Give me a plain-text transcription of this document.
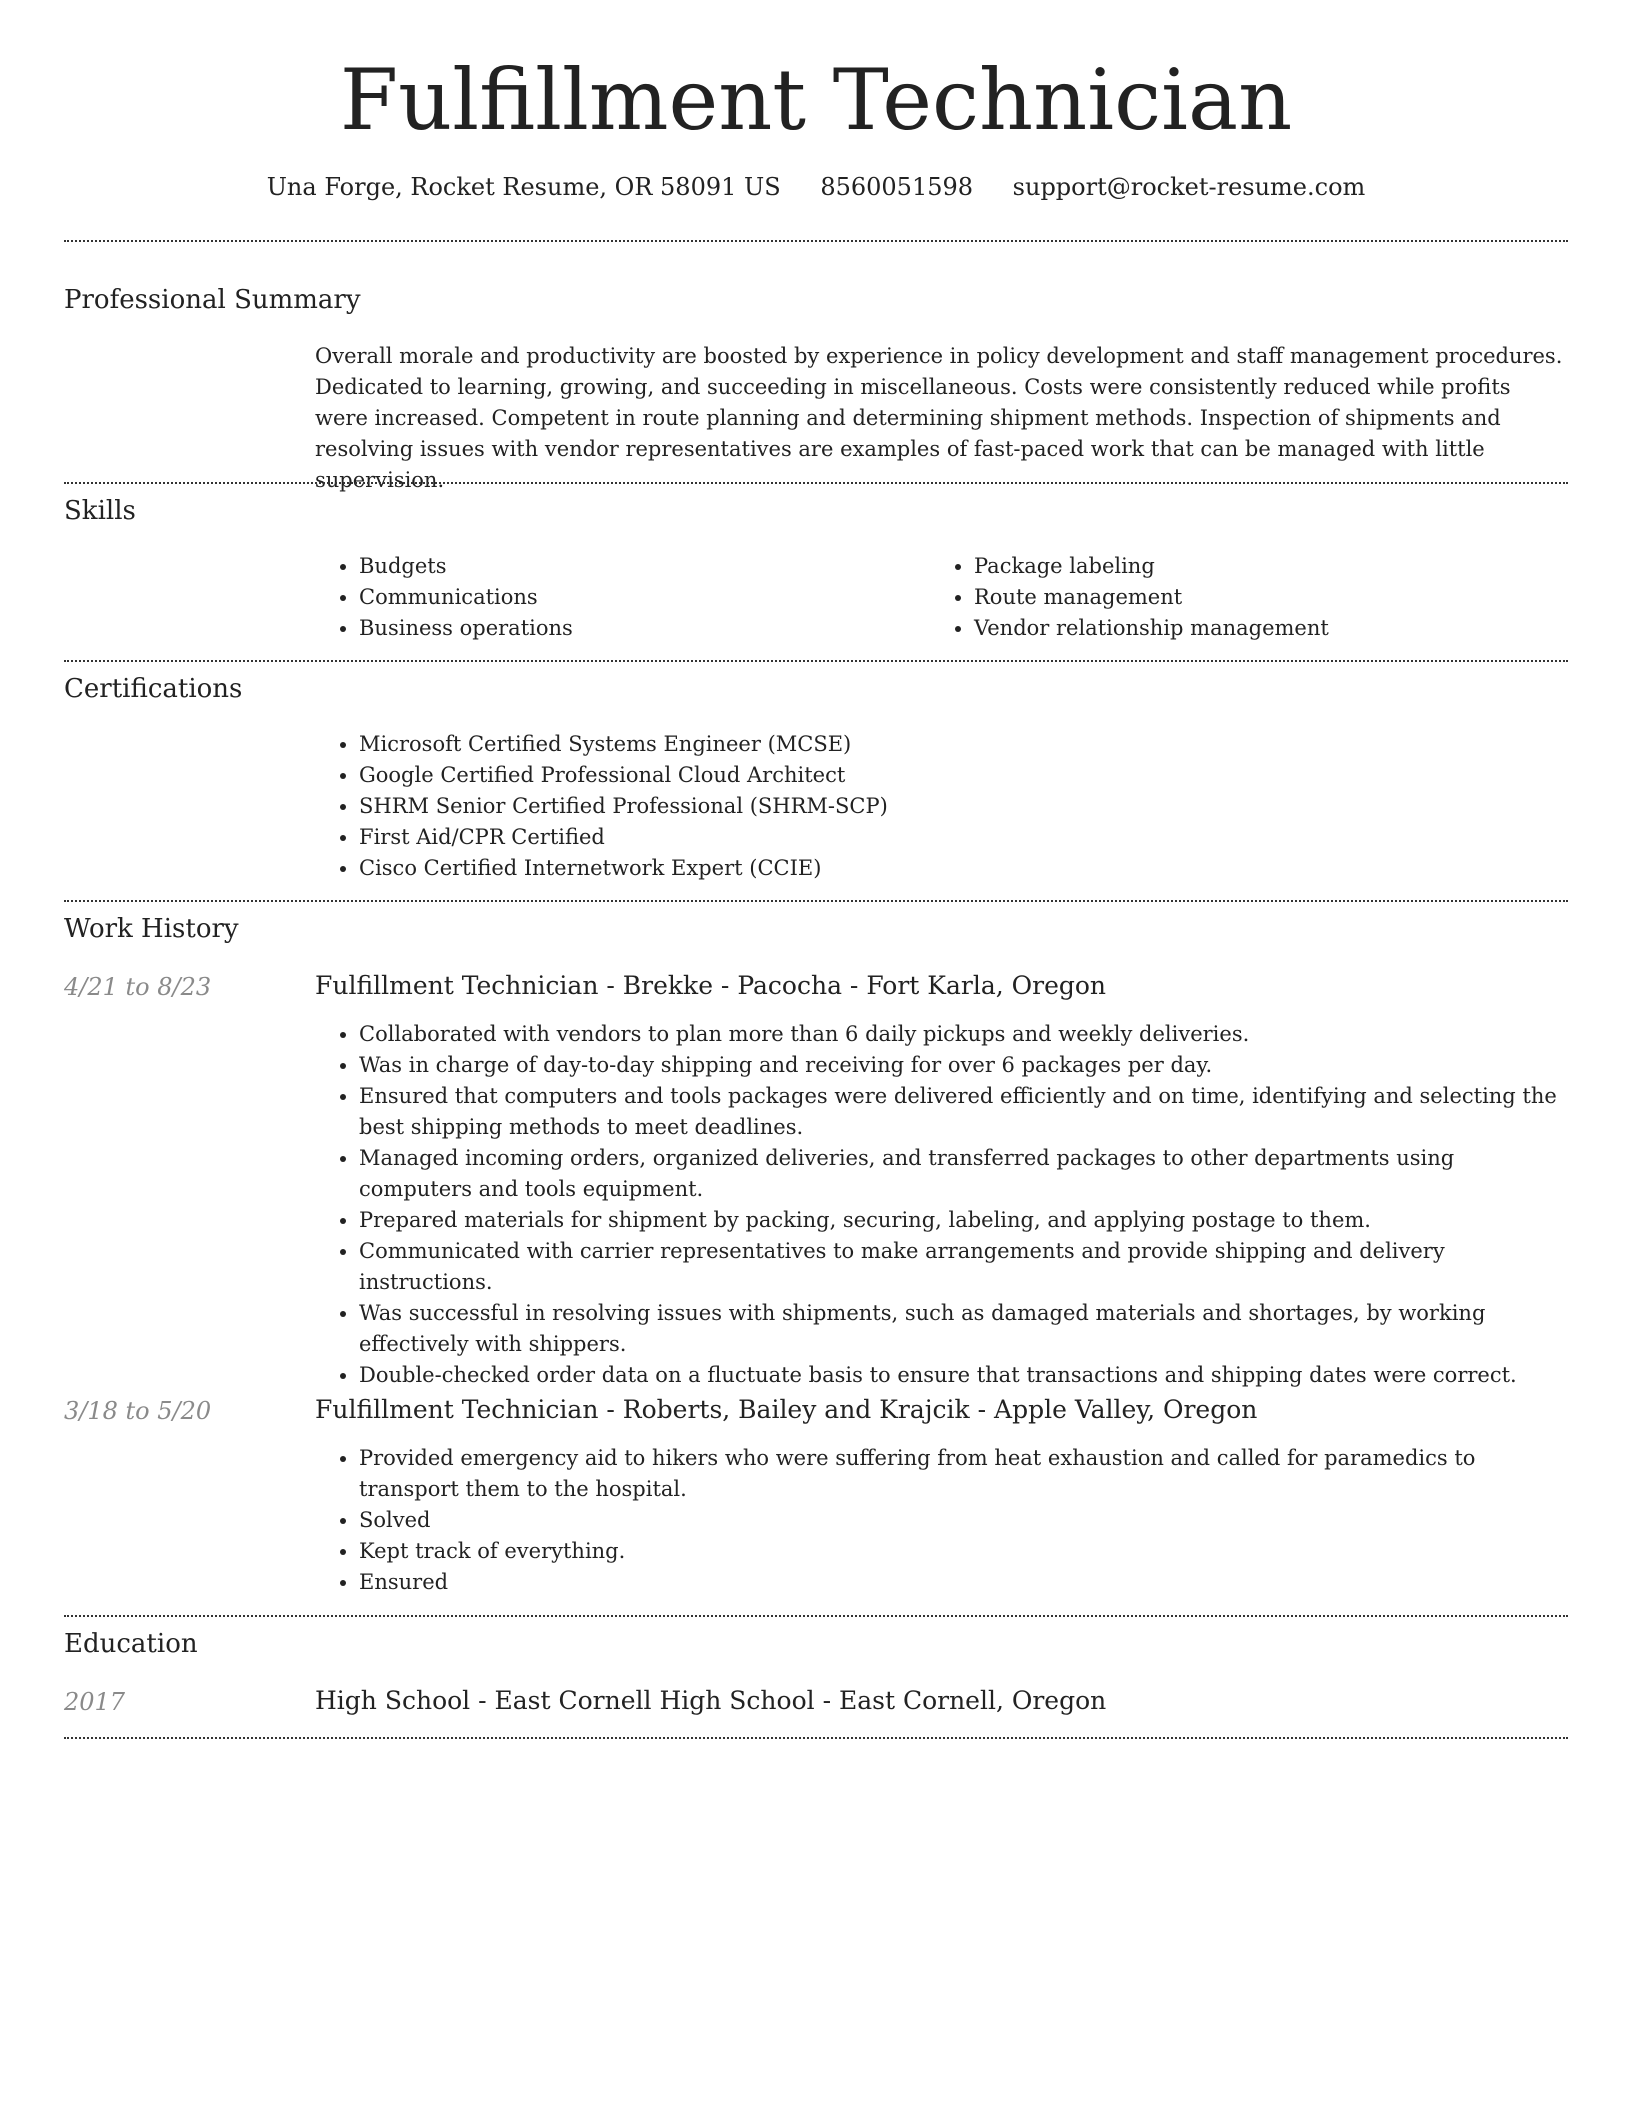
Fulfillment Technician
Una Forge, Rocket Resume, OR 58091 US 8560051598 support@rocket-resume.com
Professional Summary
Overall morale and productivity are boosted by experience in policy development and staff management procedures. Dedicated to learning, growing, and succeeding in miscellaneous. Costs were consistently reduced while profits were increased. Competent in route planning and determining shipment methods. Inspection of shipments and resolving issues with vendor representatives are examples of fast-paced work that can be managed with little supervision.
Skills
• Budgets
• Communications
• Business operations
• Package labeling
• Route management
• Vendor relationship management
Certifications
• Microsoft Certified Systems Engineer (MCSE)
• Google Certified Professional Cloud Architect
• SHRM Senior Certified Professional (SHRM-SCP)
• First Aid/CPR Certified
• Cisco Certified Internetwork Expert (CCIE)
Work History
4/21 to 8/23	Fulfillment Technician - Brekke - Pacocha - Fort Karla, Oregon
• Collaborated with vendors to plan more than 6 daily pickups and weekly deliveries.
• Was in charge of day-to-day shipping and receiving for over 6 packages per day.
• Ensured that computers and tools packages were delivered efficiently and on time, identifying and selecting the best shipping methods to meet deadlines.
• Managed incoming orders, organized deliveries, and transferred packages to other departments using computers and tools equipment.
• Prepared materials for shipment by packing, securing, labeling, and applying postage to them.
• Communicated with carrier representatives to make arrangements and provide shipping and delivery instructions.
• Was successful in resolving issues with shipments, such as damaged materials and shortages, by working effectively with shippers.
• Double-checked order data on a fluctuate basis to ensure that transactions and shipping dates were correct.
3/18 to 5/20	Fulfillment Technician - Roberts, Bailey and Krajcik - Apple Valley, Oregon
• Provided emergency aid to hikers who were suffering from heat exhaustion and called for paramedics to transport them to the hospital.
• Solved
• Kept track of everything.
• Ensured
Education
2017	High School - East Cornell High School - East Cornell, Oregon
